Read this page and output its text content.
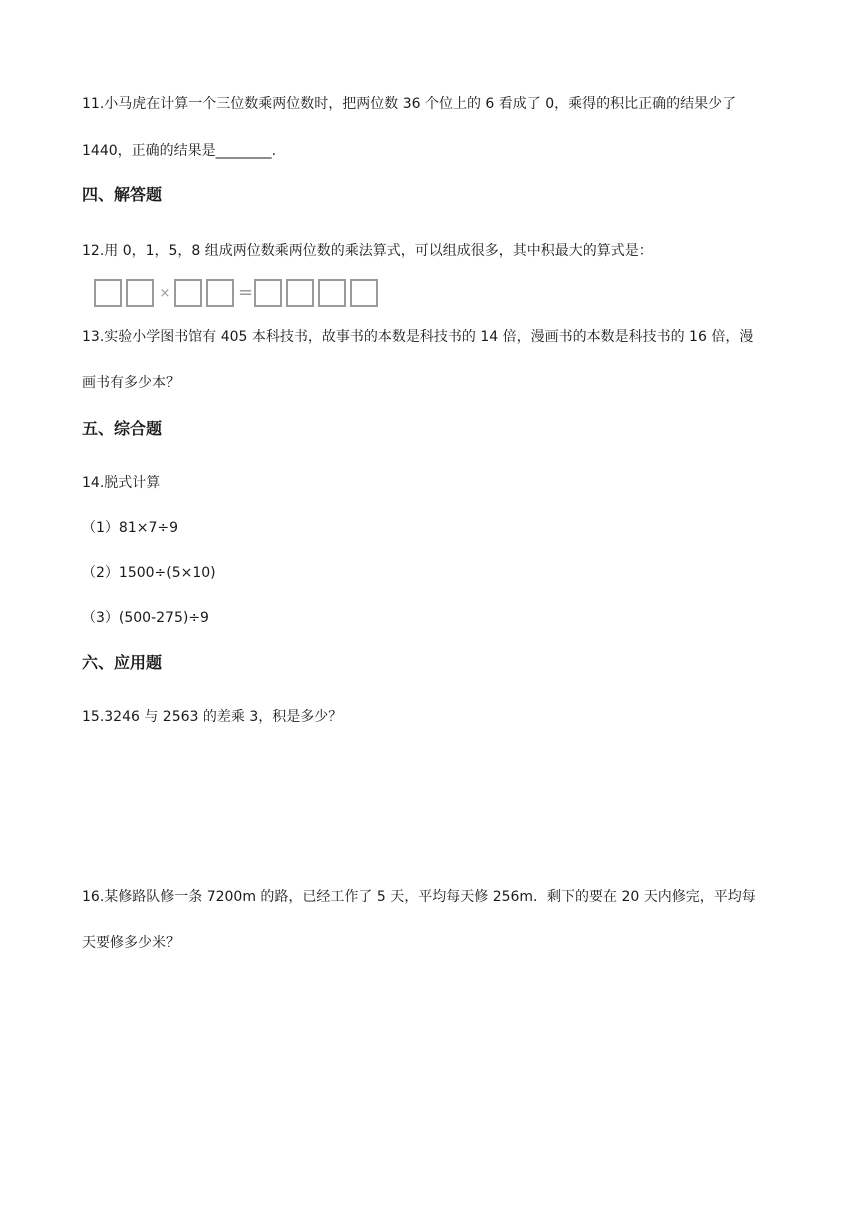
11.小马虎在计算一个三位数乘两位数时，把两位数 36 个位上的 6 看成了 0，乘得的积比正确的结果少了
1440，正确的结果是________.
四、解答题
12.用 0，1，5，8 组成两位数乘两位数的乘法算式，可以组成很多，其中积最大的算式是：
×	=
13.实验小学图书馆有 405 本科技书，故事书的本数是科技书的 14 倍，漫画书的本数是科技书的 16 倍，漫
画书有多少本？
五、综合题
14.脱式计算
（1）81×7÷9
（2）1500÷(5×10)
（3）(500-275)÷9
六、应用题
15.3246 与 2563 的差乘 3，积是多少？
16.某修路队修一条 7200m 的路，已经工作了 5 天，平均每天修 256m．剩下的要在 20 天内修完，平均每
天要修多少米？
